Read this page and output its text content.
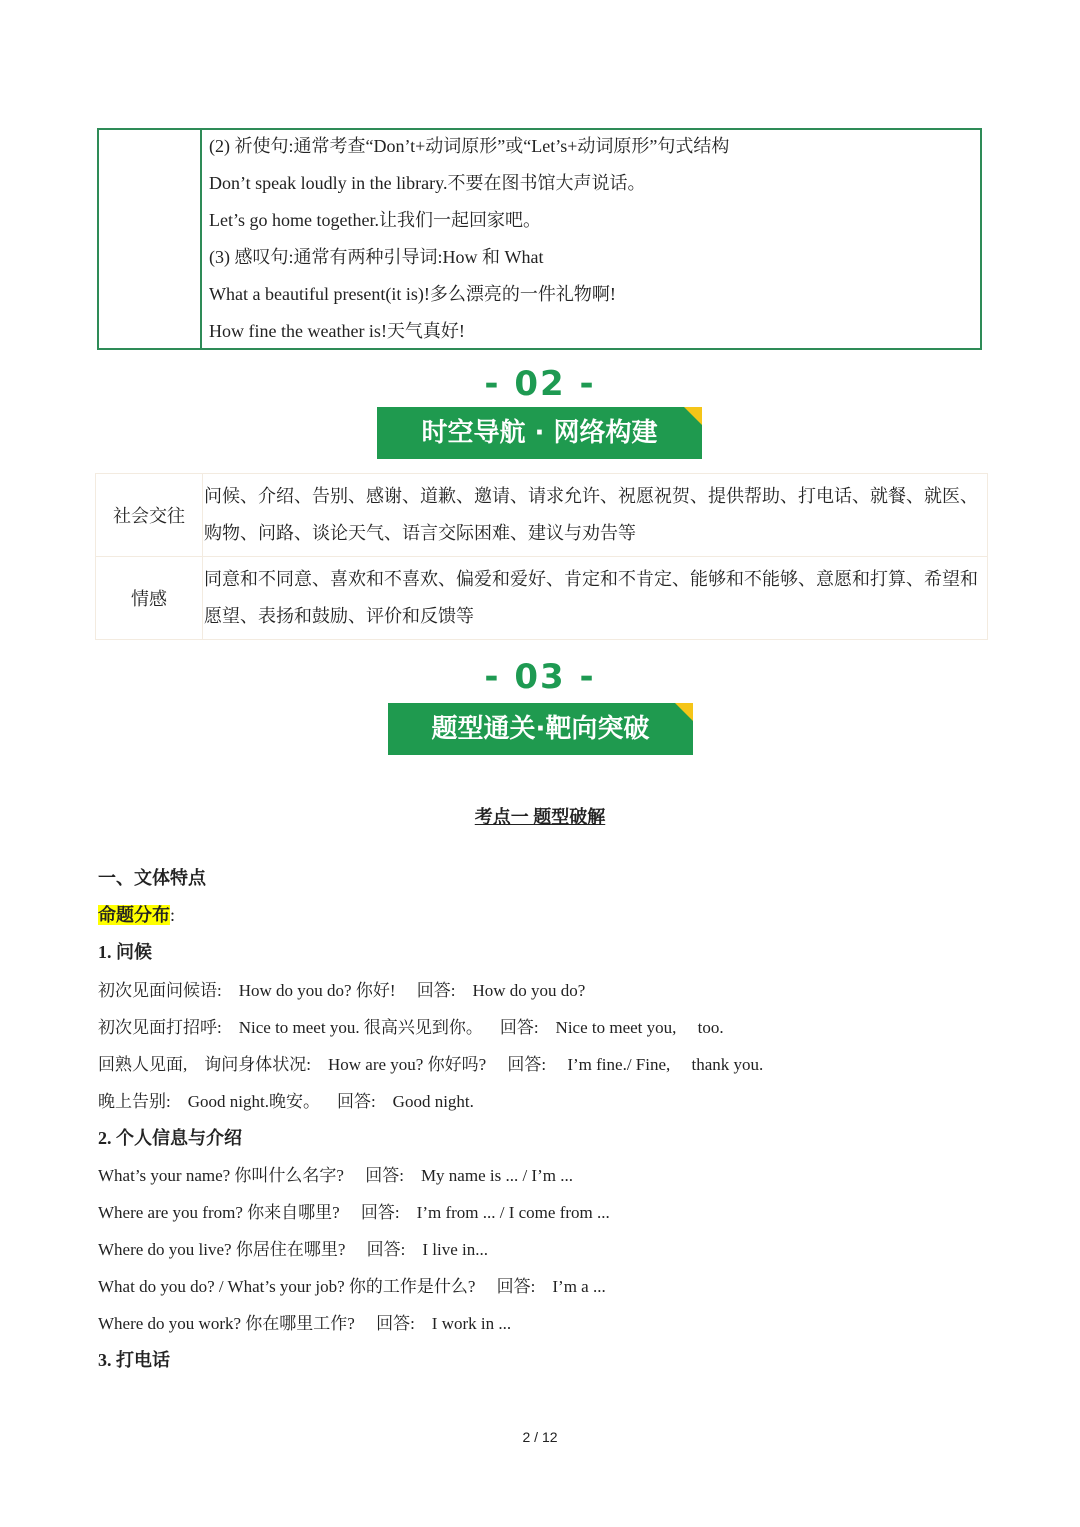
(2) 祈使句:通常考查“Don’t+动词原形”或“Let’s+动词原形”句式结构
Don’t speak loudly in the library.不要在图书馆大声说话。
Let’s go home together.让我们一起回家吧。
(3) 感叹句:通常有两种引导词:How 和 What
What a beautiful present(it is)!多么漂亮的一件礼物啊!
How fine the weather is!天气真好!
- 02 -
时空导航 · 网络构建
社会交往
问候、介绍、告别、感谢、道歉、邀请、请求允许、祝愿祝贺、提供帮助、打电话、就餐、就医、购物、问路、谈论天气、语言交际困难、建议与劝告等
情感
同意和不同意、喜欢和不喜欢、偏爱和爱好、肯定和不肯定、能够和不能够、意愿和打算、希望和愿望、表扬和鼓励、评价和反馈等
- 03 -
题型通关·靶向突破
考点一 题型破解
一、文体特点
命题分布:
1. 问候
初次见面问候语:    How do you do? 你好!     回答:    How do you do?
初次见面打招呼:    Nice to meet you. 很高兴见到你。    回答:    Nice to meet you,     too.
回熟人见面,    询问身体状况:    How are you? 你好吗?     回答:     I’m fine./ Fine,     thank you.
晚上告别:    Good night.晚安。    回答:    Good night.
2. 个人信息与介绍
What’s your name? 你叫什么名字?     回答:    My name is ... / I’m ...
Where are you from? 你来自哪里?     回答:    I’m from ... / I come from ...
Where do you live? 你居住在哪里?     回答:    I live in...
What do you do? / What’s your job? 你的工作是什么?     回答:    I’m a ...
Where do you work? 你在哪里工作?     回答:    I work in ...
3. 打电话
2 / 12
